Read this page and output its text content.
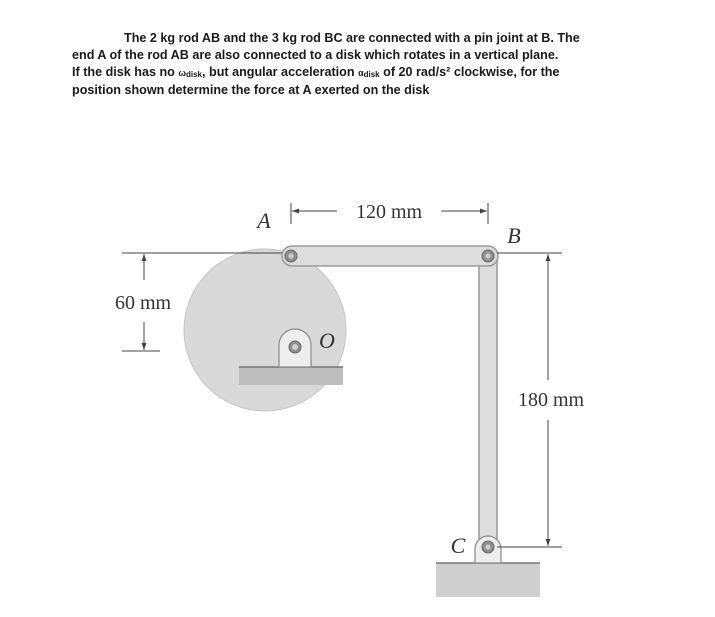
The 2 kg rod AB and the 3 kg rod BC are connected with a pin joint at B. The
end A of the rod AB are also connected to a disk which rotates in a vertical plane.
If the disk has no $\omega_{disk}$, but angular acceleration $\alpha_{disk}$ of 20 rad/s² clockwise, for the
position shown determine the force at A exerted on the disk
120 mm
60 mm
180 mm
A
B
O
C
